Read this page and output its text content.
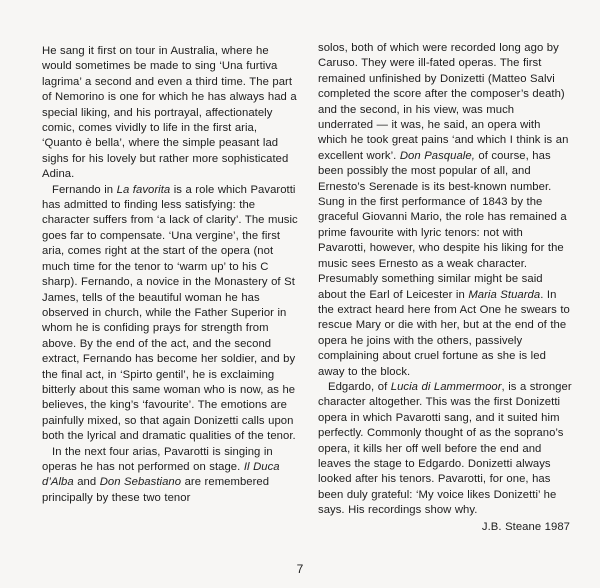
He sang it first on tour in Australia, where he would sometimes be made to sing ‘Una furtiva lagrima’ a second and even a third time. The part of Nemorino is one for which he has always had a special liking, and his portrayal, affectionately comic, comes vividly to life in the first aria, ‘Quanto è bella’, where the simple peasant lad sighs for his lovely but rather more sophisticated Adina.

Fernando in La favorita is a role which Pavarotti has admitted to finding less satisfying: the character suffers from ‘a lack of clarity’. The music goes far to compensate. ‘Una vergine’, the first aria, comes right at the start of the opera (not much time for the tenor to ‘warm up’ to his C sharp). Fernando, a novice in the Monastery of St James, tells of the beautiful woman he has observed in church, while the Father Superior in whom he is confiding prays for strength from above. By the end of the act, and the second extract, Fernando has become her soldier, and by the final act, in ‘Spirto gentil’, he is exclaiming bitterly about this same woman who is now, as he believes, the king’s ‘favourite’. The emotions are painfully mixed, so that again Donizetti calls upon both the lyrical and dramatic qualities of the tenor.

In the next four arias, Pavarotti is singing in operas he has not performed on stage. Il Duca d’Alba and Don Sebastiano are remembered principally by these two tenor

solos, both of which were recorded long ago by Caruso. They were ill-fated operas. The first remained unfinished by Donizetti (Matteo Salvi completed the score after the composer’s death) and the second, in his view, was much underrated — it was, he said, an opera with which he took great pains ‘and which I think is an excellent work’. Don Pasquale, of course, has been possibly the most popular of all, and Ernesto’s Serenade is its best-known number. Sung in the first performance of 1843 by the graceful Giovanni Mario, the role has remained a prime favourite with lyric tenors: not with Pavarotti, however, who despite his liking for the music sees Ernesto as a weak character. Presumably something similar might be said about the Earl of Leicester in Maria Stuarda. In the extract heard here from Act One he swears to rescue Mary or die with her, but at the end of the opera he joins with the others, passively complaining about cruel fortune as she is led away to the block.

Edgardo, of Lucia di Lammermoor, is a stronger character altogether. This was the first Donizetti opera in which Pavarotti sang, and it suited him perfectly. Commonly thought of as the soprano’s opera, it kills her off well before the end and leaves the stage to Edgardo. Donizetti always looked after his tenors. Pavarotti, for one, has been duly grateful: ‘My voice likes Donizetti’ he says. His recordings show why.

J.B. Steane 1987

7
